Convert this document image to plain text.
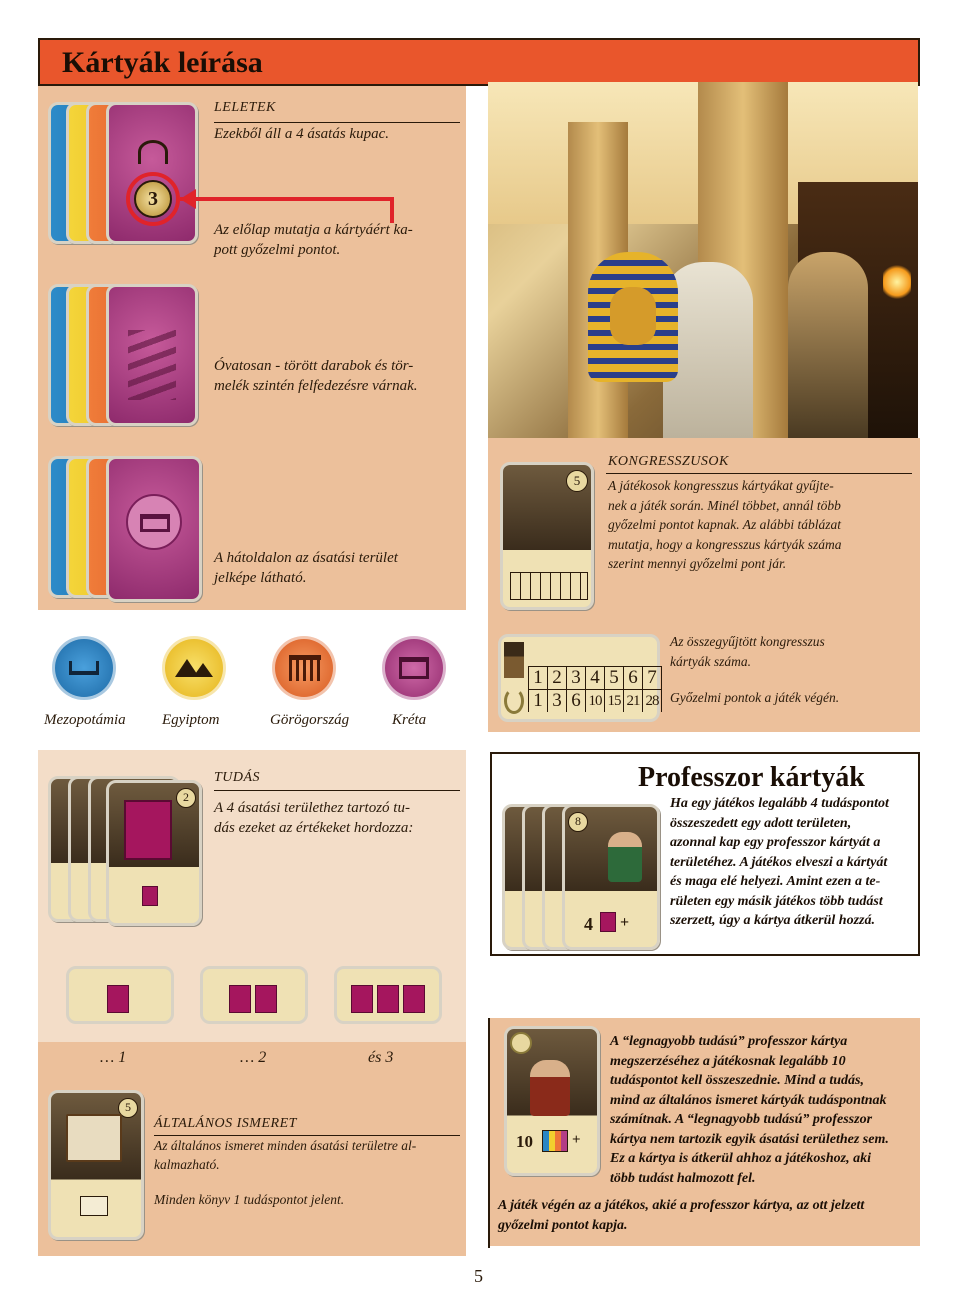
Kártyák leírása
LELETEK
Ezekből áll a 4 ásatás kupac.
3
Az előlap mutatja a kártyáért ka-
pott győzelmi pontot.
Óvatosan - törött darabok és tör-
melék szintén felfedezésre várnak.
A hátoldalon az ásatási terület
jelképe látható.
Mezopotámia Egyiptom	Görögország	Kréta
5
KONGRESSZUSOK
A játékosok kongresszus kártyákat gyűjte-
nek a játék során. Minél többet, annál több
győzelmi pontot kapnak. Az alábbi táblázat
mutatja, hogy a kongresszus kártyák száma
szerint mennyi győzelmi pont jár.
1 2 3 4 5 6 7
1 3 6 10 15 21 28
Az összegyűjtött kongresszus
kártyák száma.
Győzelmi pontok a játék végén.
TUDÁS
A 4 ásatási területhez tartozó tu-
dás ezeket az értékeket hordozza:
2
… 1	… 2	és 3
5
ÁLTALÁNOS ISMERET
Az általános ismeret minden ásatási területre al-
kalmazható.
Minden könyv 1 tudáspontot jelent.
Professzor kártyák
8
4 +
Ha egy játékos legalább 4 tudáspontot
összeszedett egy adott területen,
azonnal kap egy professzor kártyát a
területéhez. A játékos elveszi a kártyát
és maga elé helyezi. Amint ezen a te-
rületen egy másik játékos több tudást
szerzett, úgy a kártya átkerül hozzá.
10	+
A “legnagyobb tudású” professzor kártya
megszerzéséhez a játékosnak legalább 10
tudáspontot kell összeszednie. Mind a tudás,
mind az általános ismeret kártyák tudáspontnak
számítnak. A “legnagyobb tudású” professzor
kártya nem tartozik egyik ásatási területhez sem.
Ez a kártya is átkerül ahhoz a játékoshoz, aki
több tudást halmozott fel.
A játék végén az a játékos, akié a professzor kártya, az ott jelzett
győzelmi pontot kapja.
5
